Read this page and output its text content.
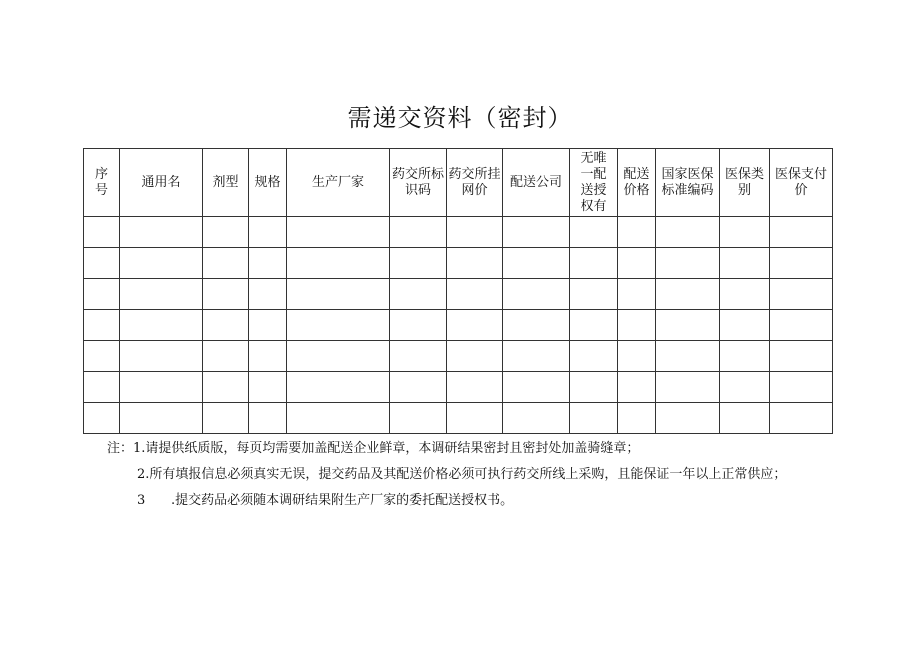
需递交资料（密封）
序号	通用名	剂型	规格	生产厂家	药交所标识码	药交所挂网价	配送公司	无唯一配送授权有	配送价格	国家医保标准编码	医保类别	医保支付价

注：1.请提供纸质版，每页均需要加盖配送企业鲜章，本调研结果密封且密封处加盖骑缝章；

2.所有填报信息必须真实无误，提交药品及其配送价格必须可执行药交所线上采购，且能保证一年以上正常供应；

3 .提交药品必须随本调研结果附生产厂家的委托配送授权书。
